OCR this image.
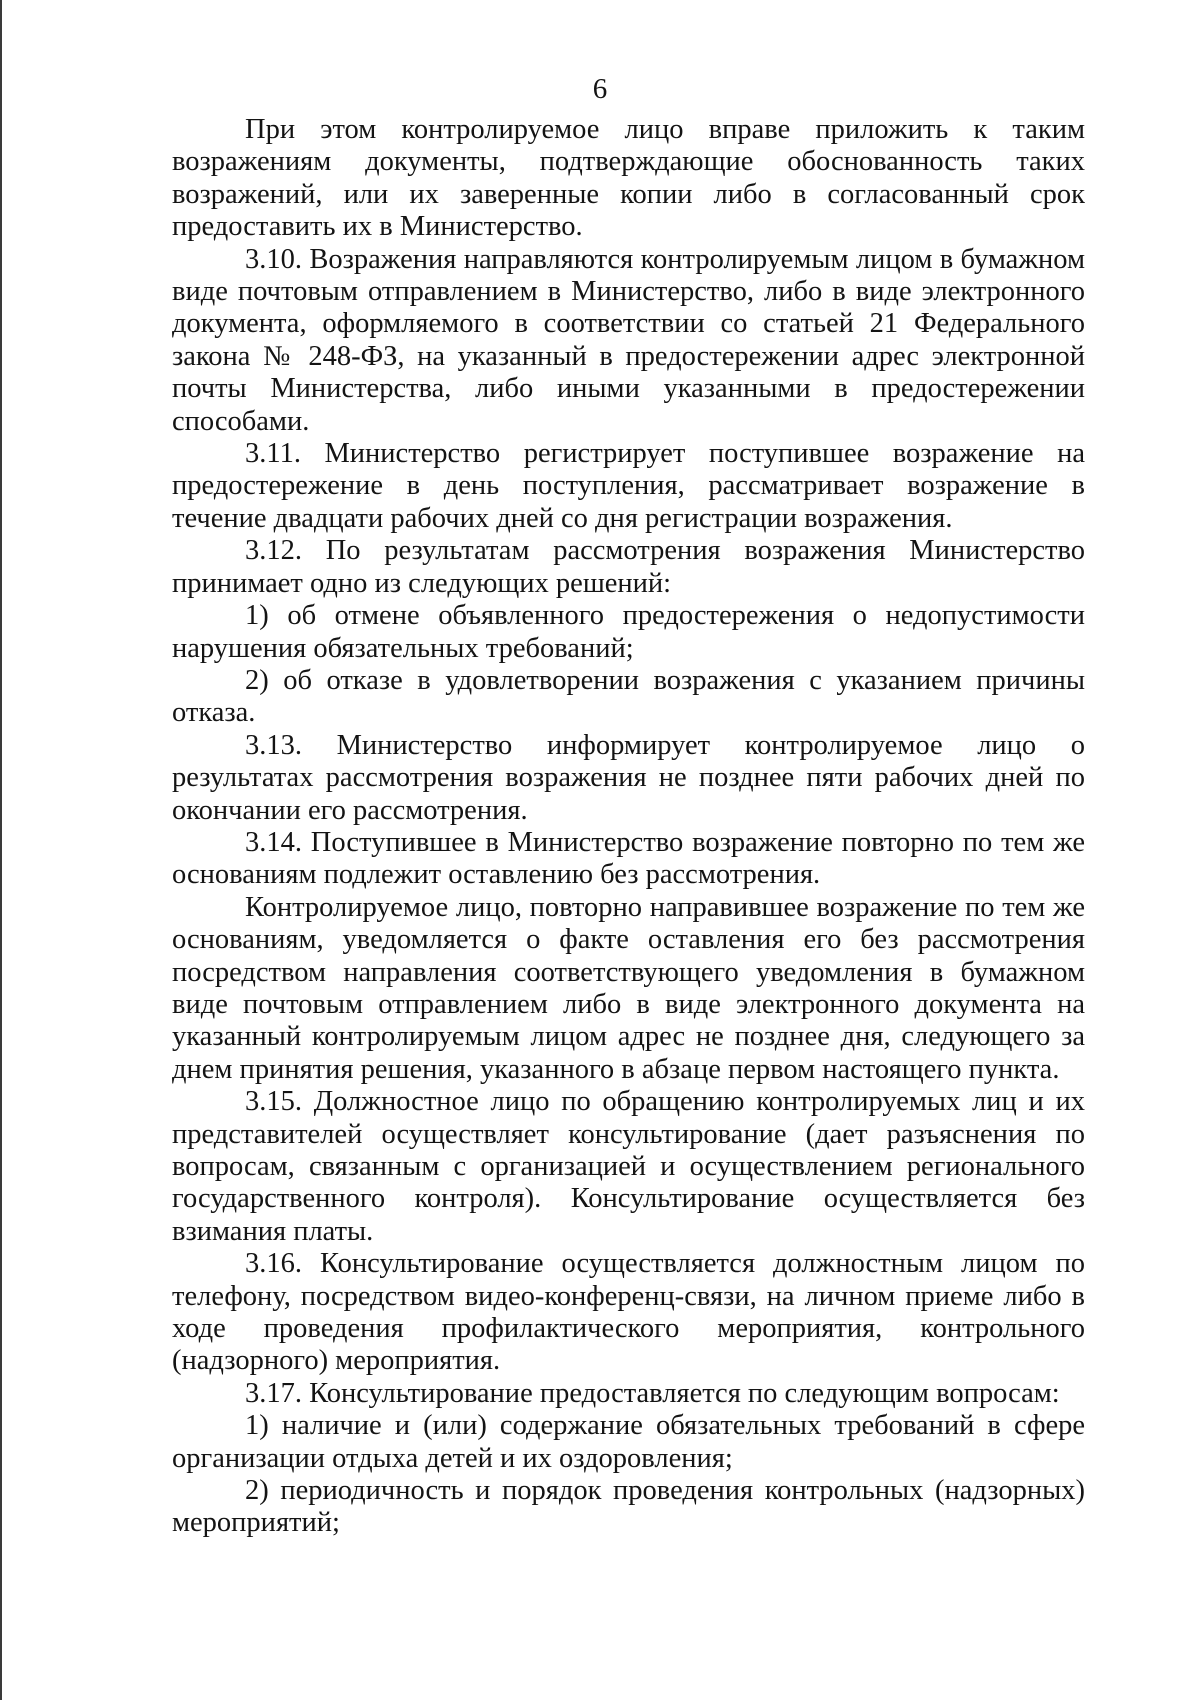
6

При этом контролируемое лицо вправе приложить к таким возражениям документы, подтверждающие обоснованность таких возражений, или их заверенные копии либо в согласованный срок предоставить их в Министерство.

3.10. Возражения направляются контролируемым лицом в бумажном виде почтовым отправлением в Министерство, либо в виде электронного документа, оформляемого в соответствии со статьей 21 Федерального закона № 248-ФЗ, на указанный в предостережении адрес электронной почты Министерства, либо иными указанными в предостережении способами.

3.11. Министерство регистрирует поступившее возражение на предостережение в день поступления, рассматривает возражение в течение двадцати рабочих дней со дня регистрации возражения.

3.12. По результатам рассмотрения возражения Министерство принимает одно из следующих решений:

1) об отмене объявленного предостережения о недопустимости нарушения обязательных требований;

2) об отказе в удовлетворении возражения с указанием причины отказа.

3.13. Министерство информирует контролируемое лицо о результатах рассмотрения возражения не позднее пяти рабочих дней по окончании его рассмотрения.

3.14. Поступившее в Министерство возражение повторно по тем же основаниям подлежит оставлению без рассмотрения.

Контролируемое лицо, повторно направившее возражение по тем же основаниям, уведомляется о факте оставления его без рассмотрения посредством направления соответствующего уведомления в бумажном виде почтовым отправлением либо в виде электронного документа на указанный контролируемым лицом адрес не позднее дня, следующего за днем принятия решения, указанного в абзаце первом настоящего пункта.

3.15. Должностное лицо по обращению контролируемых лиц и их представителей осуществляет консультирование (дает разъяснения по вопросам, связанным с организацией и осуществлением регионального государственного контроля). Консультирование осуществляется без взимания платы.

3.16. Консультирование осуществляется должностным лицом по телефону, посредством видео-конференц-связи, на личном приеме либо в ходе проведения профилактического мероприятия, контрольного (надзорного) мероприятия.

3.17. Консультирование предоставляется по следующим вопросам:

1) наличие и (или) содержание обязательных требований в сфере организации отдыха детей и их оздоровления;

2) периодичность и порядок проведения контрольных (надзорных) мероприятий;
